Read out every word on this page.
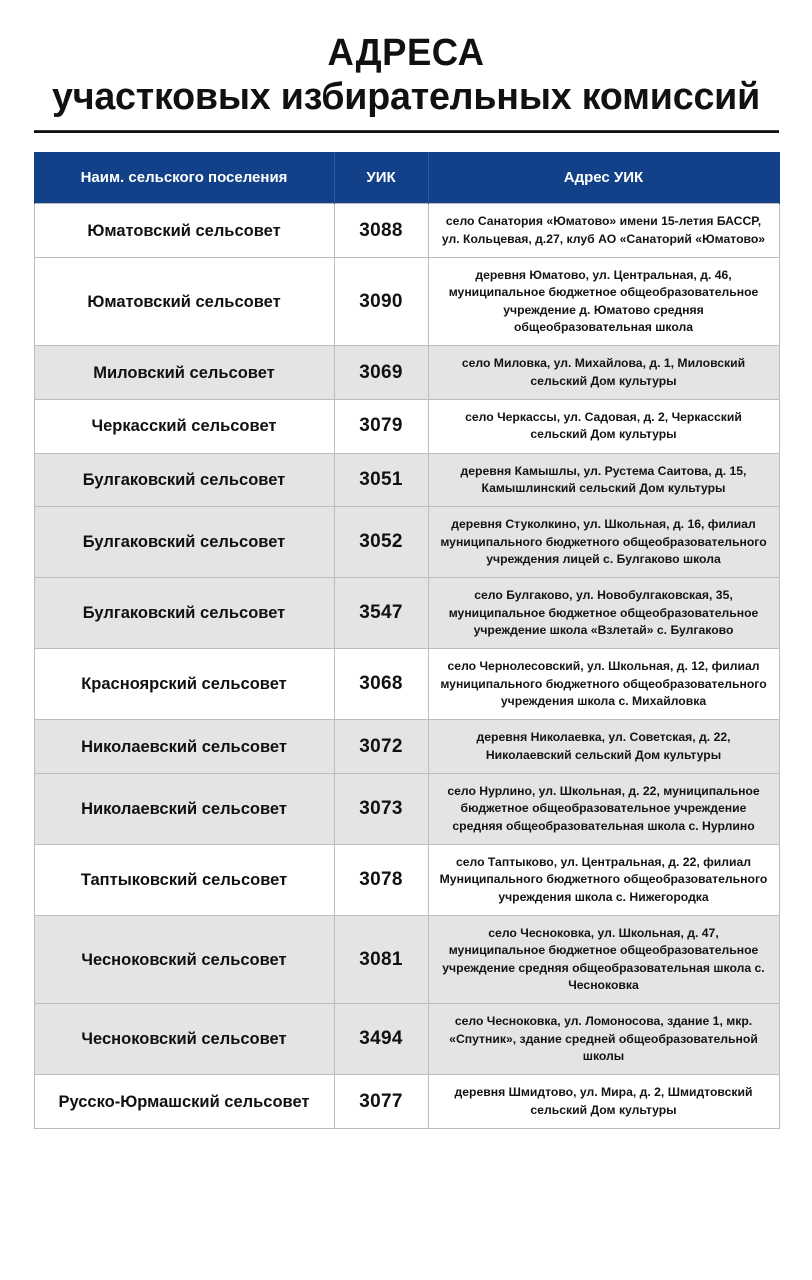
АДРЕСА
участковых избирательных комиссий
Наим. сельского поселения	УИК	Адрес УИК
Юматовский сельсовет	3088	село Санатория «Юматово» имени 15-летия БАССР, ул. Кольцевая, д.27, клуб АО «Санаторий «Юматово»
Юматовский сельсовет	3090	деревня Юматово, ул. Центральная, д. 46, муниципальное бюджетное общеобразовательное учреждение д. Юматово средняя общеобразовательная школа
Миловский сельсовет	3069	село Миловка, ул. Михайлова, д. 1, Миловский сельский Дом культуры
Черкасский сельсовет	3079	село Черкассы, ул. Садовая, д. 2, Черкасский сельский Дом культуры
Булгаковский сельсовет	3051	деревня Камышлы, ул. Рустема Саитова, д. 15, Камышлинский сельский Дом культуры
Булгаковский сельсовет	3052	деревня Стуколкино, ул. Школьная, д. 16, филиал муниципального бюджетного общеобразовательного учреждения лицей с. Булгаково школа
Булгаковский сельсовет	3547	село Булгаково, ул. Новобулгаковская, 35, муниципальное бюджетное общеобразовательное учреждение школа «Взлетай» с. Булгаково
Красноярский сельсовет	3068	село Чернолесовский, ул. Школьная, д. 12, филиал муниципального бюджетного общеобразовательного учреждения школа с. Михайловка
Николаевский сельсовет	3072	деревня Николаевка, ул. Советская, д. 22, Николаевский сельский Дом культуры
Николаевский сельсовет	3073	село Нурлино, ул. Школьная, д. 22, муниципальное бюджетное общеобразовательное учреждение средняя общеобразовательная школа с. Нурлино
Таптыковский сельсовет	3078	село Таптыково, ул. Центральная, д. 22, филиал Муниципального бюджетного общеобразовательного учреждения школа с. Нижегородка
Чесноковский сельсовет	3081	село Чесноковка, ул. Школьная, д. 47, муниципальное бюджетное общеобразовательное учреждение средняя общеобразовательная школа с. Чесноковка
Чесноковский сельсовет	3494	село Чесноковка, ул. Ломоносова, здание 1, мкр. «Спутник», здание средней общеобразовательной школы
Русско-Юрмашский сельсовет	3077	деревня Шмидтово, ул. Мира, д. 2, Шмидтовский сельский Дом культуры
